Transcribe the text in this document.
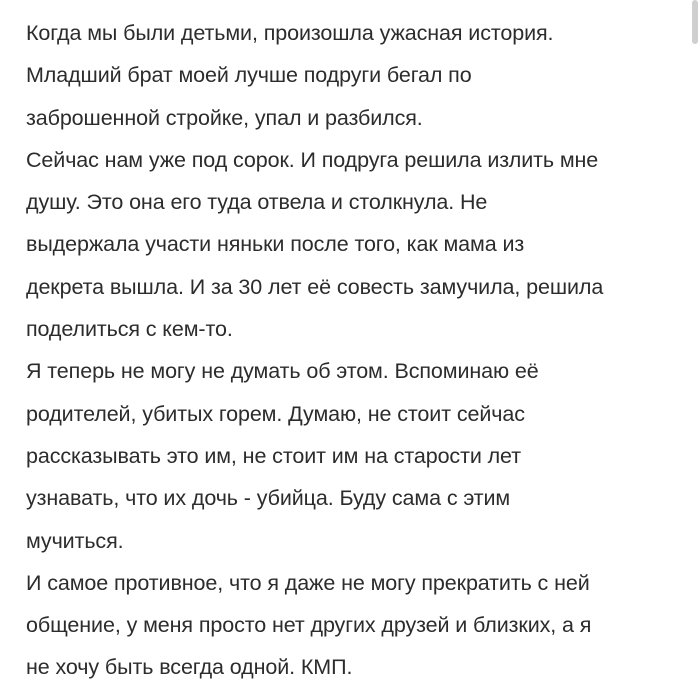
Когда мы были детьми, произошла ужасная история.
Младший брат моей лучше подруги бегал по
заброшенной стройке, упал и разбился.
Сейчас нам уже под сорок. И подруга решила излить мне
душу. Это она его туда отвела и столкнула. Не
выдержала участи няньки после того, как мама из
декрета вышла. И за 30 лет её совесть замучила, решила
поделиться с кем-то.
Я теперь не могу не думать об этом. Вспоминаю её
родителей, убитых горем. Думаю, не стоит сейчас
рассказывать это им, не стоит им на старости лет
узнавать, что их дочь - убийца. Буду сама с этим
мучиться.
И самое противное, что я даже не могу прекратить с ней
общение, у меня просто нет других друзей и близких, а я
не хочу быть всегда одной. КМП.
